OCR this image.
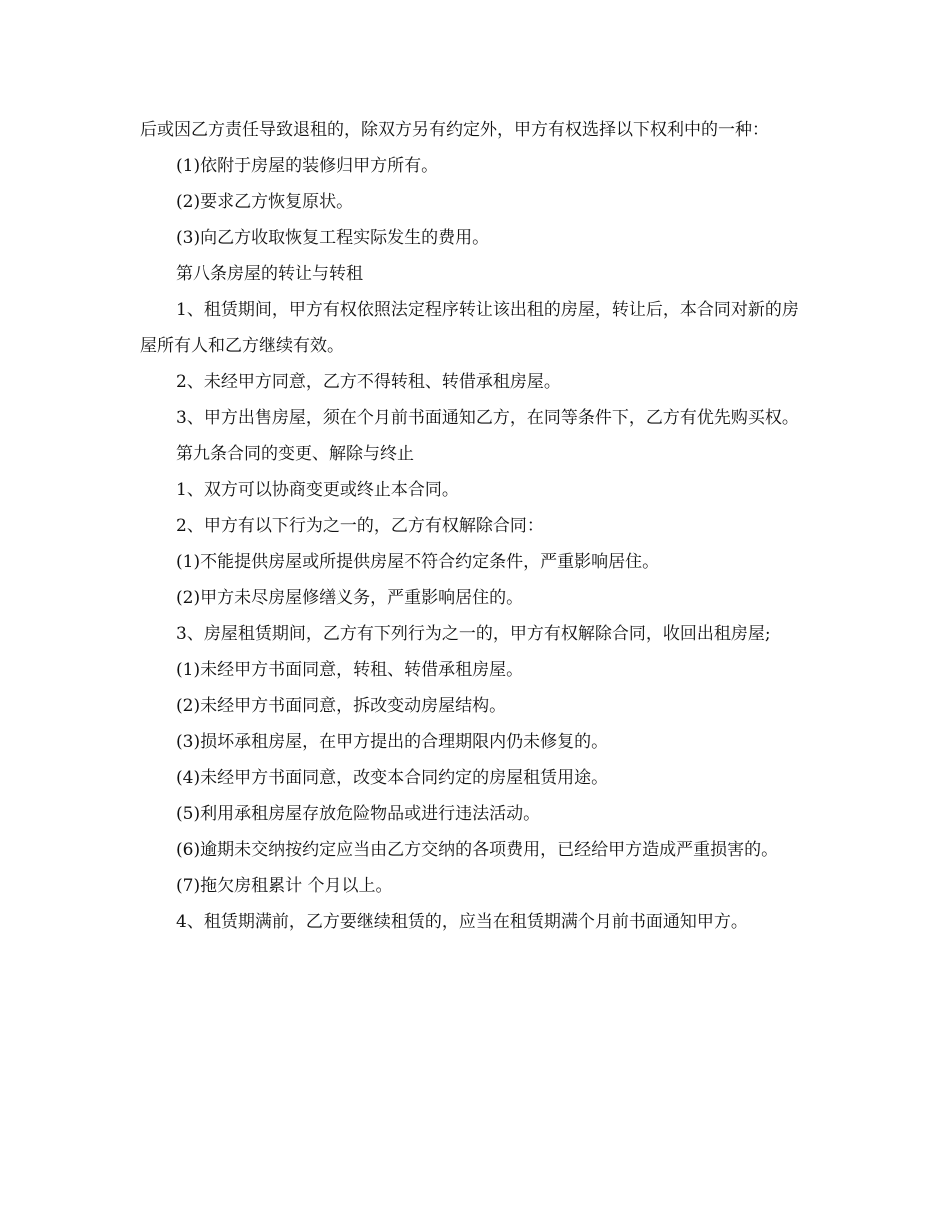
后或因乙方责任导致退租的，除双方另有约定外，甲方有权选择以下权利中的一种：

(1)依附于房屋的装修归甲方所有。

(2)要求乙方恢复原状。

(3)向乙方收取恢复工程实际发生的费用。

第八条房屋的转让与转租

1、租赁期间，甲方有权依照法定程序转让该出租的房屋，转让后，本合同对新的房屋所有人和乙方继续有效。

2、未经甲方同意，乙方不得转租、转借承租房屋。

3、甲方出售房屋，须在个月前书面通知乙方，在同等条件下，乙方有优先购买权。

第九条合同的变更、解除与终止

1、双方可以协商变更或终止本合同。

2、甲方有以下行为之一的，乙方有权解除合同：

(1)不能提供房屋或所提供房屋不符合约定条件，严重影响居住。

(2)甲方未尽房屋修缮义务，严重影响居住的。

3、房屋租赁期间，乙方有下列行为之一的，甲方有权解除合同，收回出租房屋;

(1)未经甲方书面同意，转租、转借承租房屋。

(2)未经甲方书面同意，拆改变动房屋结构。

(3)损坏承租房屋，在甲方提出的合理期限内仍未修复的。

(4)未经甲方书面同意，改变本合同约定的房屋租赁用途。

(5)利用承租房屋存放危险物品或进行违法活动。

(6)逾期未交纳按约定应当由乙方交纳的各项费用，已经给甲方造成严重损害的。

(7)拖欠房租累计 个月以上。

4、租赁期满前，乙方要继续租赁的，应当在租赁期满个月前书面通知甲方。
